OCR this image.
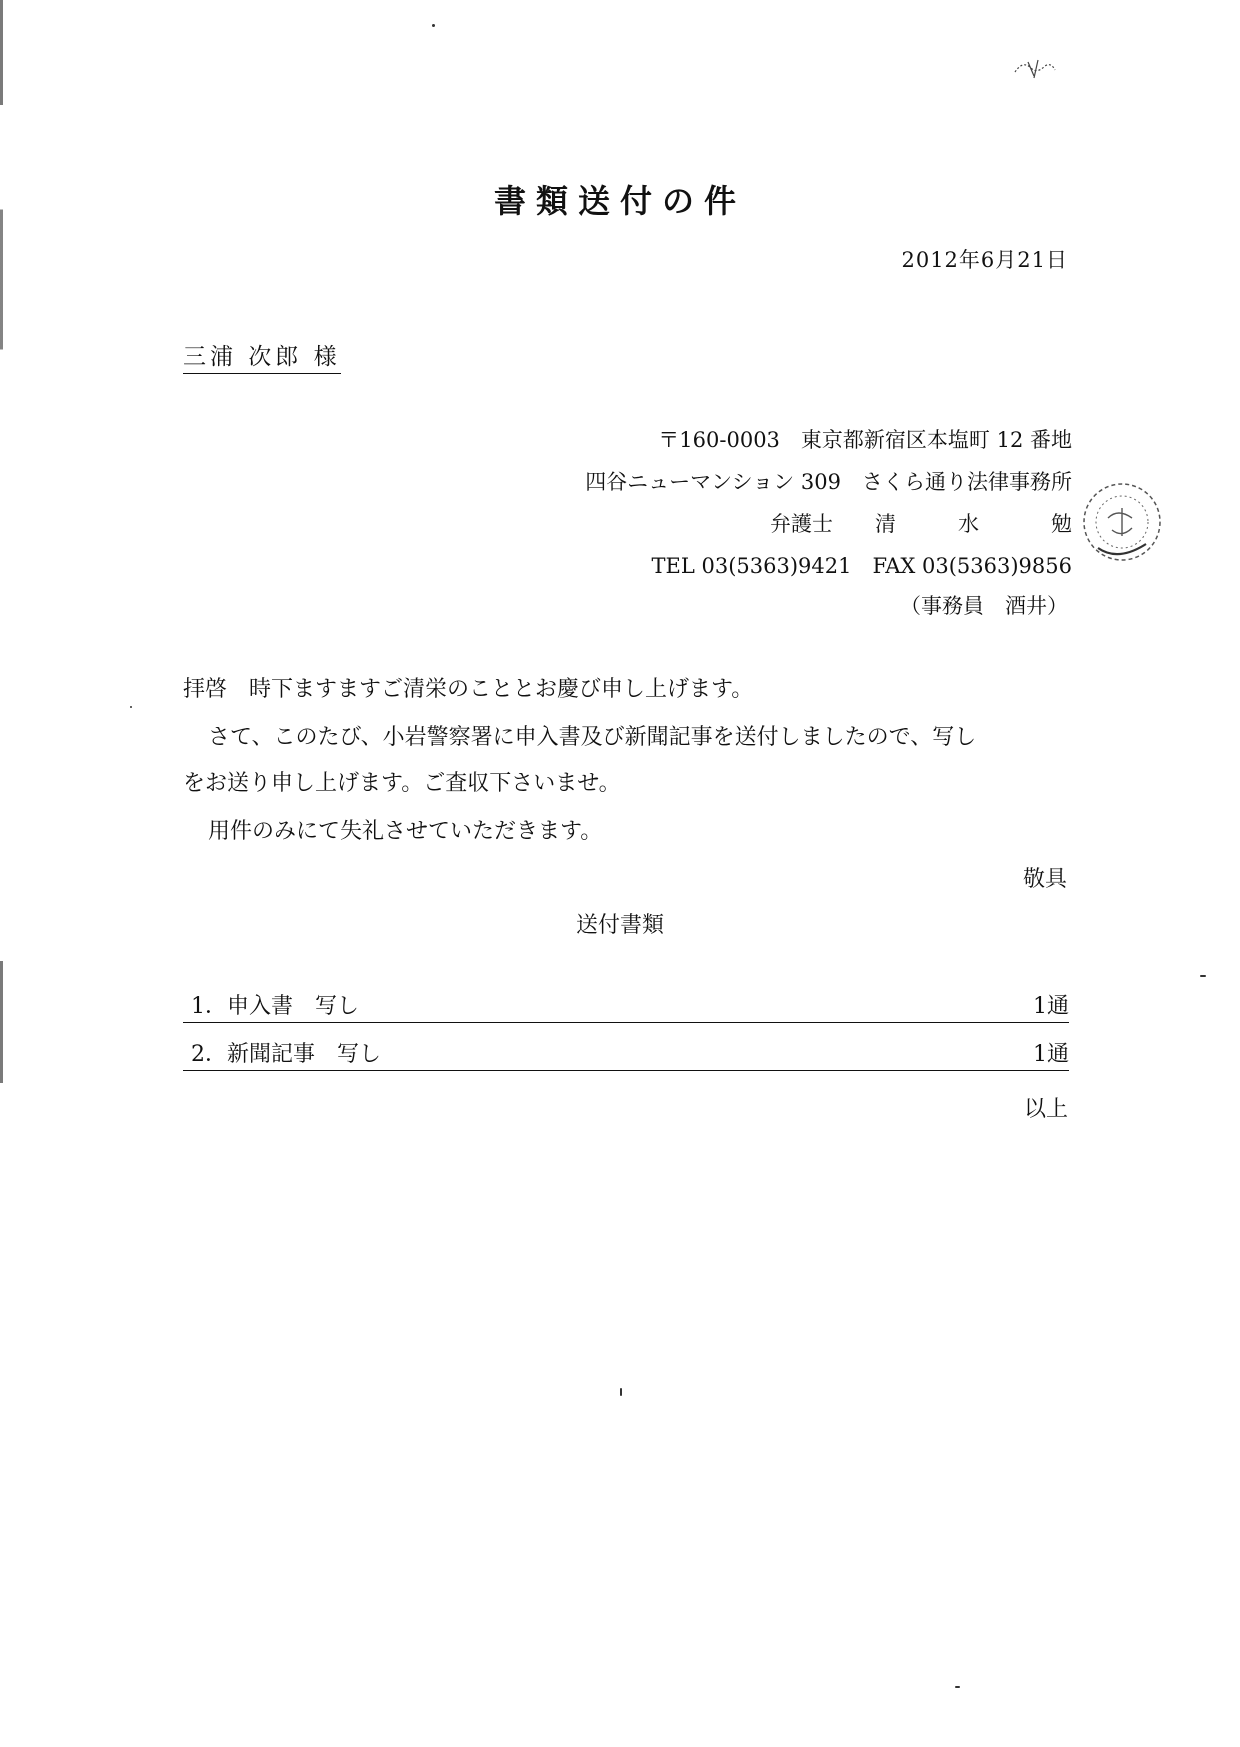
書類送付の件
2012年6月21日
三浦 次郎 様
〒160-0003　東京都新宿区本塩町 12 番地
四谷ニューマンション 309　さくら通り法律事務所
弁護士 清	水	勉
TEL 03(5363)9421　FAX 03(5363)9856
（事務員　酒井）
拝啓　時下ますますご清栄のこととお慶び申し上げます。
さて、このたび、小岩警察署に申入書及び新聞記事を送付しましたので、写し
をお送り申し上げます。ご査収下さいませ。
用件のみにて失礼させていただきます。
敬具
送付書類
1．申入書　写し	1通
2．新聞記事　写し	1通
以上
